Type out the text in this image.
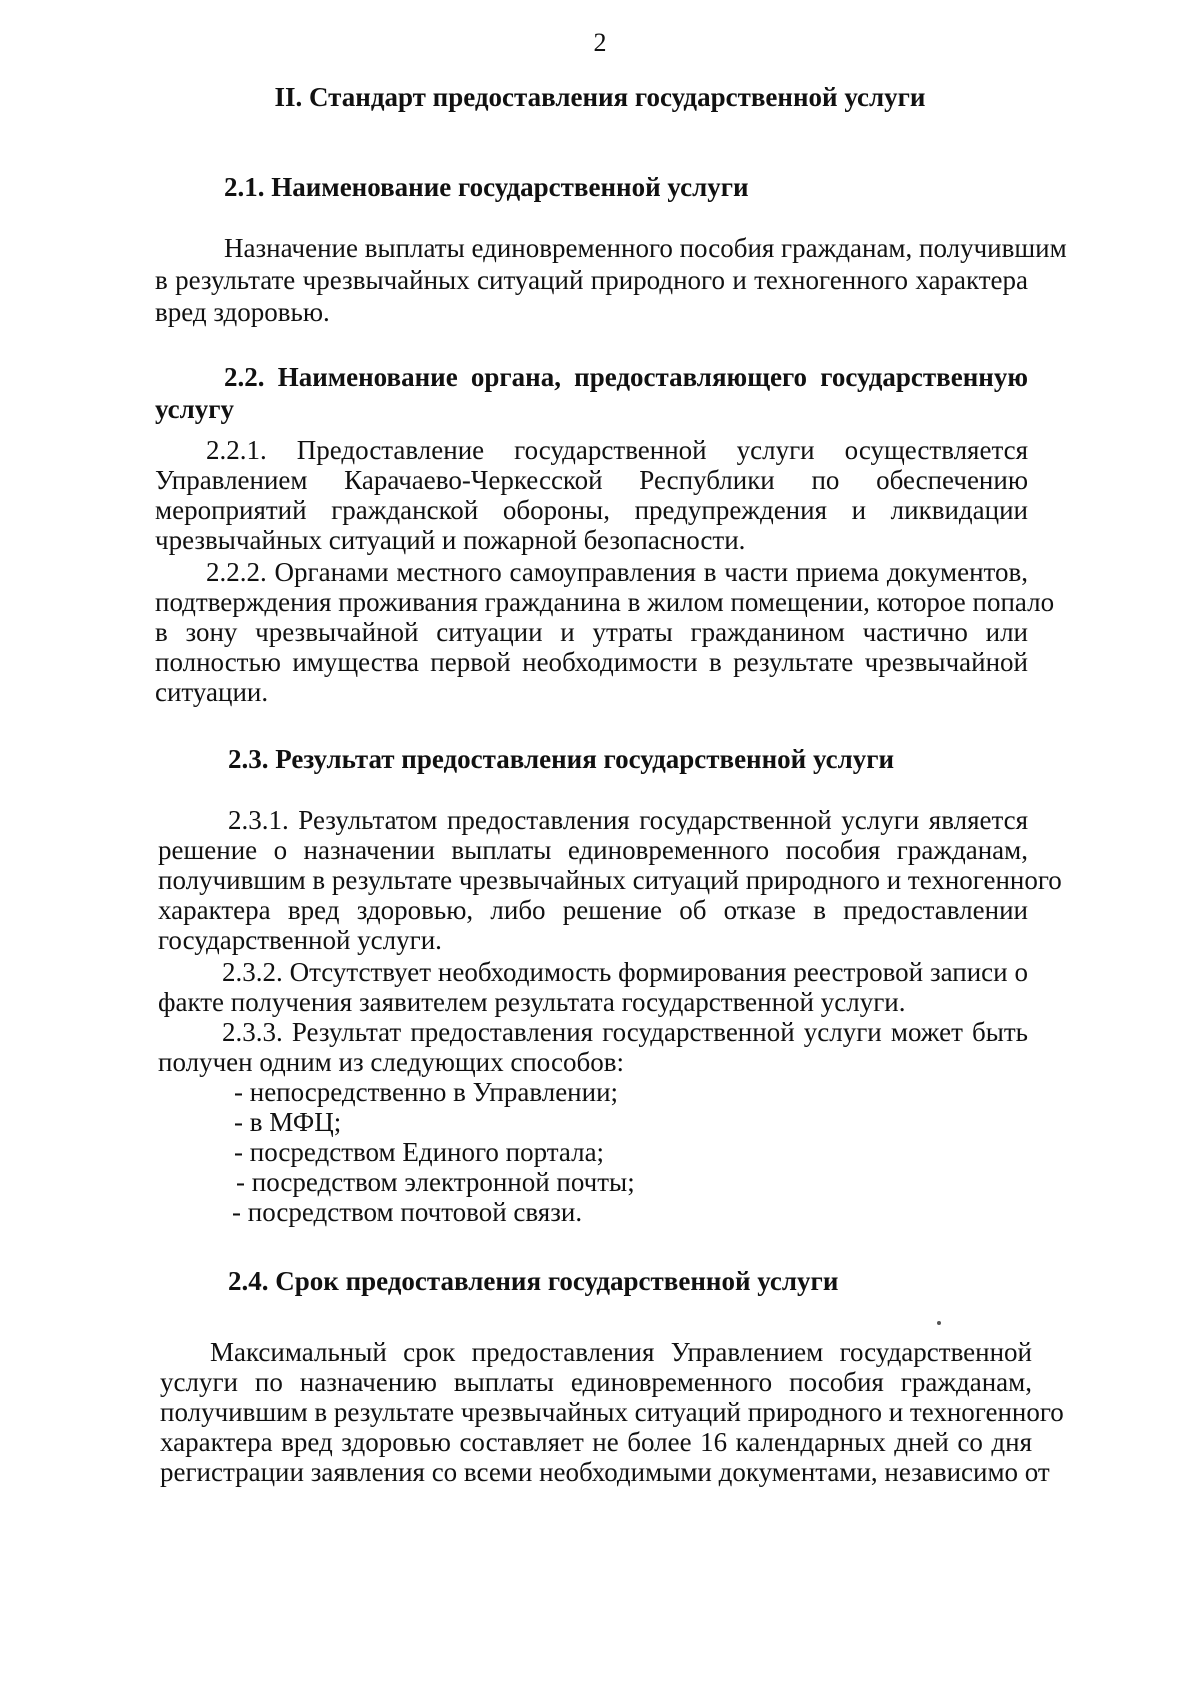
2
II. Стандарт предоставления государственной услуги
2.1. Наименование государственной услуги
Назначение выплаты единовременного пособия гражданам, получившим
в результате чрезвычайных ситуаций природного и техногенного характера
вред здоровью.
2.2. Наименование органа, предоставляющего государственную
услугу
2.2.1. Предоставление государственной услуги осуществляется
Управлением Карачаево-Черкесской Республики по обеспечению
мероприятий гражданской обороны, предупреждения и ликвидации
чрезвычайных ситуаций и пожарной безопасности.
2.2.2. Органами местного самоуправления в части приема документов,
подтверждения проживания гражданина в жилом помещении, которое попало
в зону чрезвычайной ситуации и утраты гражданином частично или
полностью имущества первой необходимости в результате чрезвычайной
ситуации.
2.3. Результат предоставления государственной услуги
2.3.1. Результатом предоставления государственной услуги является
решение о назначении выплаты единовременного пособия гражданам,
получившим в результате чрезвычайных ситуаций природного и техногенного
характера вред здоровью, либо решение об отказе в предоставлении
государственной услуги.
2.3.2. Отсутствует необходимость формирования реестровой записи о
факте получения заявителем результата государственной услуги.
2.3.3. Результат предоставления государственной услуги может быть
получен одним из следующих способов:
- непосредственно в Управлении;
- в МФЦ;
- посредством Единого портала;
- посредством электронной почты;
- посредством почтовой связи.
2.4. Срок предоставления государственной услуги
Максимальный срок предоставления Управлением государственной
услуги по назначению выплаты единовременного пособия гражданам,
получившим в результате чрезвычайных ситуаций природного и техногенного
характера вред здоровью составляет не более 16 календарных дней со дня
регистрации заявления со всеми необходимыми документами, независимо от
